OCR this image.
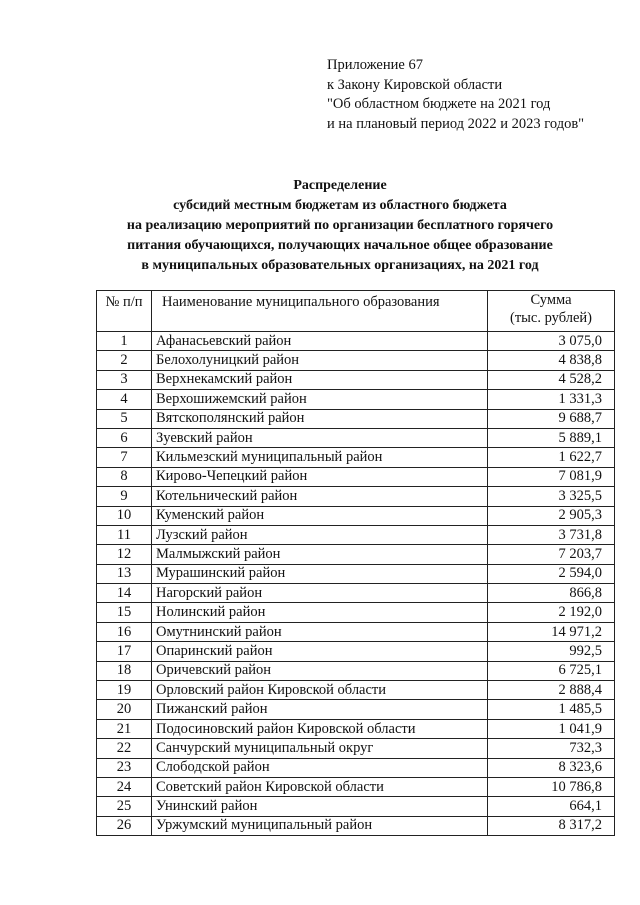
Приложение 67
к Закону Кировской области
"Об областном бюджете на 2021 год
и на плановый период 2022 и 2023 годов"
Распределение
субсидий местным бюджетам из областного бюджета
на реализацию мероприятий по организации бесплатного горячего
питания обучающихся, получающих начальное общее образование
в муниципальных образовательных организациях, на 2021 год
№ п/п	Наименование муниципального образования	Сумма
(тыс. рублей)

1	Афанасьевский район	3 075,0
2	Белохолуницкий район	4 838,8
3	Верхнекамский район	4 528,2
4	Верхошижемский район	1 331,3
5	Вятскополянский район	9 688,7
6	Зуевский район	5 889,1
7	Кильмезский муниципальный район	1 622,7
8	Кирово-Чепецкий район	7 081,9
9	Котельнический район	3 325,5
10	Куменский район	2 905,3
11	Лузский район	3 731,8
12	Малмыжский район	7 203,7
13	Мурашинский район	2 594,0
14	Нагорский район	866,8
15	Нолинский район	2 192,0
16	Омутнинский район	14 971,2
17	Опаринский район	992,5
18	Оричевский район	6 725,1
19	Орловский район Кировской области	2 888,4
20	Пижанский район	1 485,5
21	Подосиновский район Кировской области	1 041,9
22	Санчурский муниципальный округ	732,3
23	Слободской район	8 323,6
24	Советский район Кировской области	10 786,8
25	Унинский район	664,1
26	Уржумский муниципальный район	8 317,2
